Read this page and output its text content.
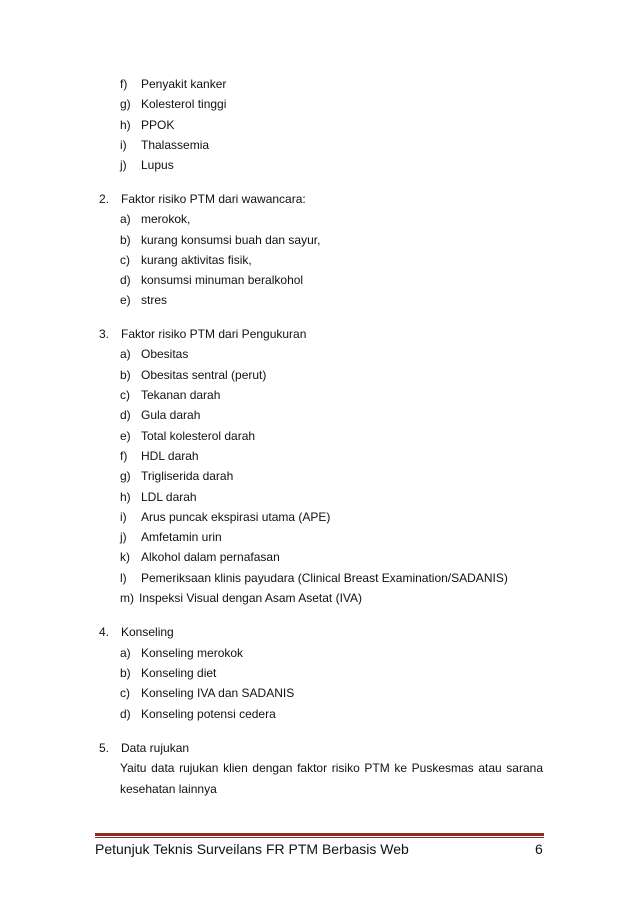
f) Penyakit kanker
g) Kolesterol tinggi
h) PPOK
i) Thalassemia
j) Lupus
2. Faktor risiko PTM dari wawancara:
a) merokok,
b) kurang konsumsi buah dan sayur,
c) kurang aktivitas fisik,
d) konsumsi minuman beralkohol
e) stres
3. Faktor risiko PTM dari Pengukuran
a) Obesitas
b) Obesitas sentral (perut)
c) Tekanan darah
d) Gula darah
e) Total kolesterol darah
f) HDL darah
g) Trigliserida darah
h) LDL darah
i) Arus puncak ekspirasi utama (APE)
j) Amfetamin urin
k) Alkohol dalam pernafasan
l) Pemeriksaan klinis payudara (Clinical Breast Examination/SADANIS)
m) Inspeksi Visual dengan Asam Asetat (IVA)
4. Konseling
a) Konseling merokok
b) Konseling diet
c) Konseling IVA dan SADANIS
d) Konseling potensi cedera
5. Data rujukan
Yaitu data rujukan klien dengan faktor risiko PTM ke Puskesmas atau sarana kesehatan lainnya
Petunjuk Teknis Surveilans FR PTM Berbasis Web	6
